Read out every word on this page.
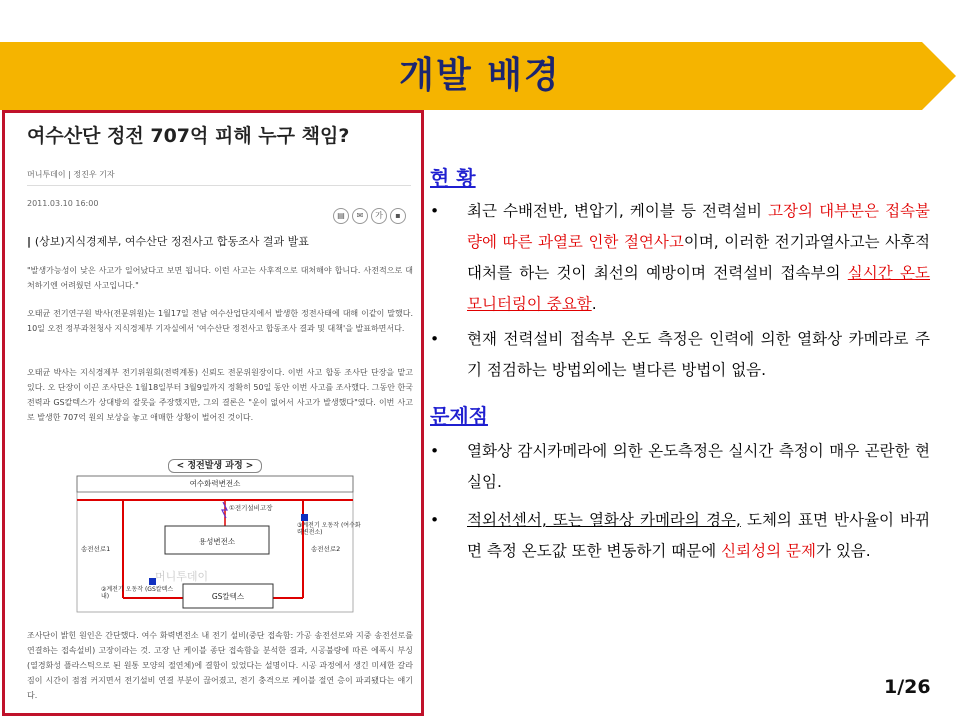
개발 배경
여수산단 정전 707억 피해 누구 책임?
머니투데이 | 정진우 기자
2011.03.10 16:00
▤ ✉ 가 ▪
| (상보)지식경제부, 여수산단 정전사고 합동조사 결과 발표
"발생가능성이 낮은 사고가 일어났다고 보면 됩니다. 이런 사고는 사후적으로 대처해야 합니다. 사전적으로 대처하기엔 어려웠던 사고입니다."
오태균 전기연구원 박사(전문위원)는 1월17일 전남 여수산업단지에서 발생한 정전사태에 대해 이같이 말했다. 10일 오전 정부과천청사 지식경제부 기자실에서 '여수산단 정전사고 합동조사 결과 및 대책'을 발표하면서다.
오태균 박사는 지식경제부 전기위원회(전력계통) 신뢰도 전문위원장이다. 이번 사고 합동 조사단 단장을 맡고 있다. 오 단장이 이끈 조사단은 1월18일부터 3월9일까지 정확히 50일 동안 이번 사고를 조사했다. 그동안 한국전력과 GS칼텍스가 상대방의 잘못을 주장했지만, 그의 결론은 "운이 없어서 사고가 발생했다"였다. 이번 사고로 발생한 707억 원의 보상을 놓고 애매한 상황이 벌어진 것이다.
< 정전발생 과정 >
여수화력변전소
①전기설비고장
용성변전소
GS칼텍스
송전선로1	송전선로2
③계전기 오동작 (여수화력변전소)
②계전기 오동작 (GS칼텍스내)
머니투데이
조사단이 밝힌 원인은 간단했다. 여수 화력변전소 내 전기 설비(중단 접속함: 가공 송전선로와 지중 송전선로를 연결하는 접속설비) 고장이라는 것. 고장 난 케이블 종단 접속함을 분석한 결과, 시공불량에 따른 에폭시 부싱(열경화성 플라스틱으로 된 원통 모양의 절연체)에 결함이 있었다는 설명이다. 시공 과정에서 생긴 미세한 갈라짐이 시간이 점점 커지면서 전기설비 연결 부분이 끊어졌고, 전기 충격으로 케이블 절연 층이 파괴됐다는 얘기다.
현 황
• 최근 수배전반, 변압기, 케이블 등 전력설비 고장의 대부분은 접속불량에 따른 과열로 인한 절연사고이며, 이러한 전기과열사고는 사후적 대처를 하는 것이 최선의 예방이며 전력설비 접속부의 실시간 온도 모니터링이 중요함.
• 현재 전력설비 접속부 온도 측정은 인력에 의한 열화상 카메라로 주기 점검하는 방법외에는 별다른 방법이 없음.
문제점
• 열화상 감시카메라에 의한 온도측정은 실시간 측정이 매우 곤란한 현실임.
• 적외선센서, 또는 열화상 카메라의 경우, 도체의 표면 반사율이 바뀌면 측정 온도값 또한 변동하기 때문에 신뢰성의 문제가 있음.
1/26
